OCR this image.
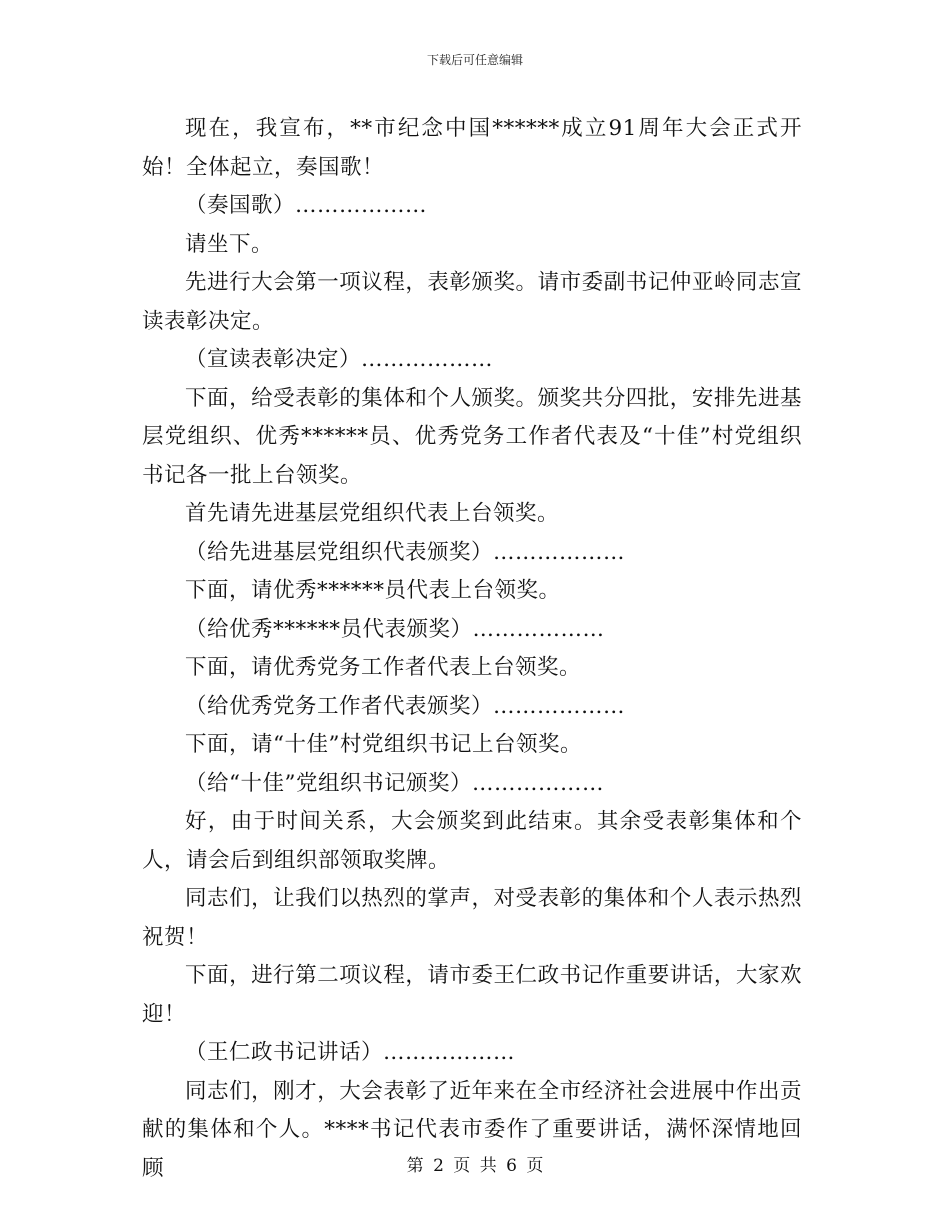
下载后可任意编辑

现在，我宣布，**市纪念中国******成立91周年大会正式开始！全体起立，奏国歌！

（奏国歌）………………

请坐下。

先进行大会第一项议程，表彰颁奖。请市委副书记仲亚岭同志宣读表彰决定。

（宣读表彰决定）………………

下面，给受表彰的集体和个人颁奖。颁奖共分四批，安排先进基层党组织、优秀******员、优秀党务工作者代表及“十佳”村党组织书记各一批上台领奖。

首先请先进基层党组织代表上台领奖。

（给先进基层党组织代表颁奖）………………

下面，请优秀******员代表上台领奖。

（给优秀******员代表颁奖）………………

下面，请优秀党务工作者代表上台领奖。

（给优秀党务工作者代表颁奖）………………

下面，请“十佳”村党组织书记上台领奖。

（给“十佳”党组织书记颁奖）………………

好，由于时间关系，大会颁奖到此结束。其余受表彰集体和个人，请会后到组织部领取奖牌。

同志们，让我们以热烈的掌声，对受表彰的集体和个人表示热烈祝贺！

下面，进行第二项议程，请市委王仁政书记作重要讲话，大家欢迎！

（王仁政书记讲话）………………

同志们，刚才，大会表彰了近年来在全市经济社会进展中作出贡献的集体和个人。****书记代表市委作了重要讲话，满怀深情地回顾	第 2 页 共 6 页
